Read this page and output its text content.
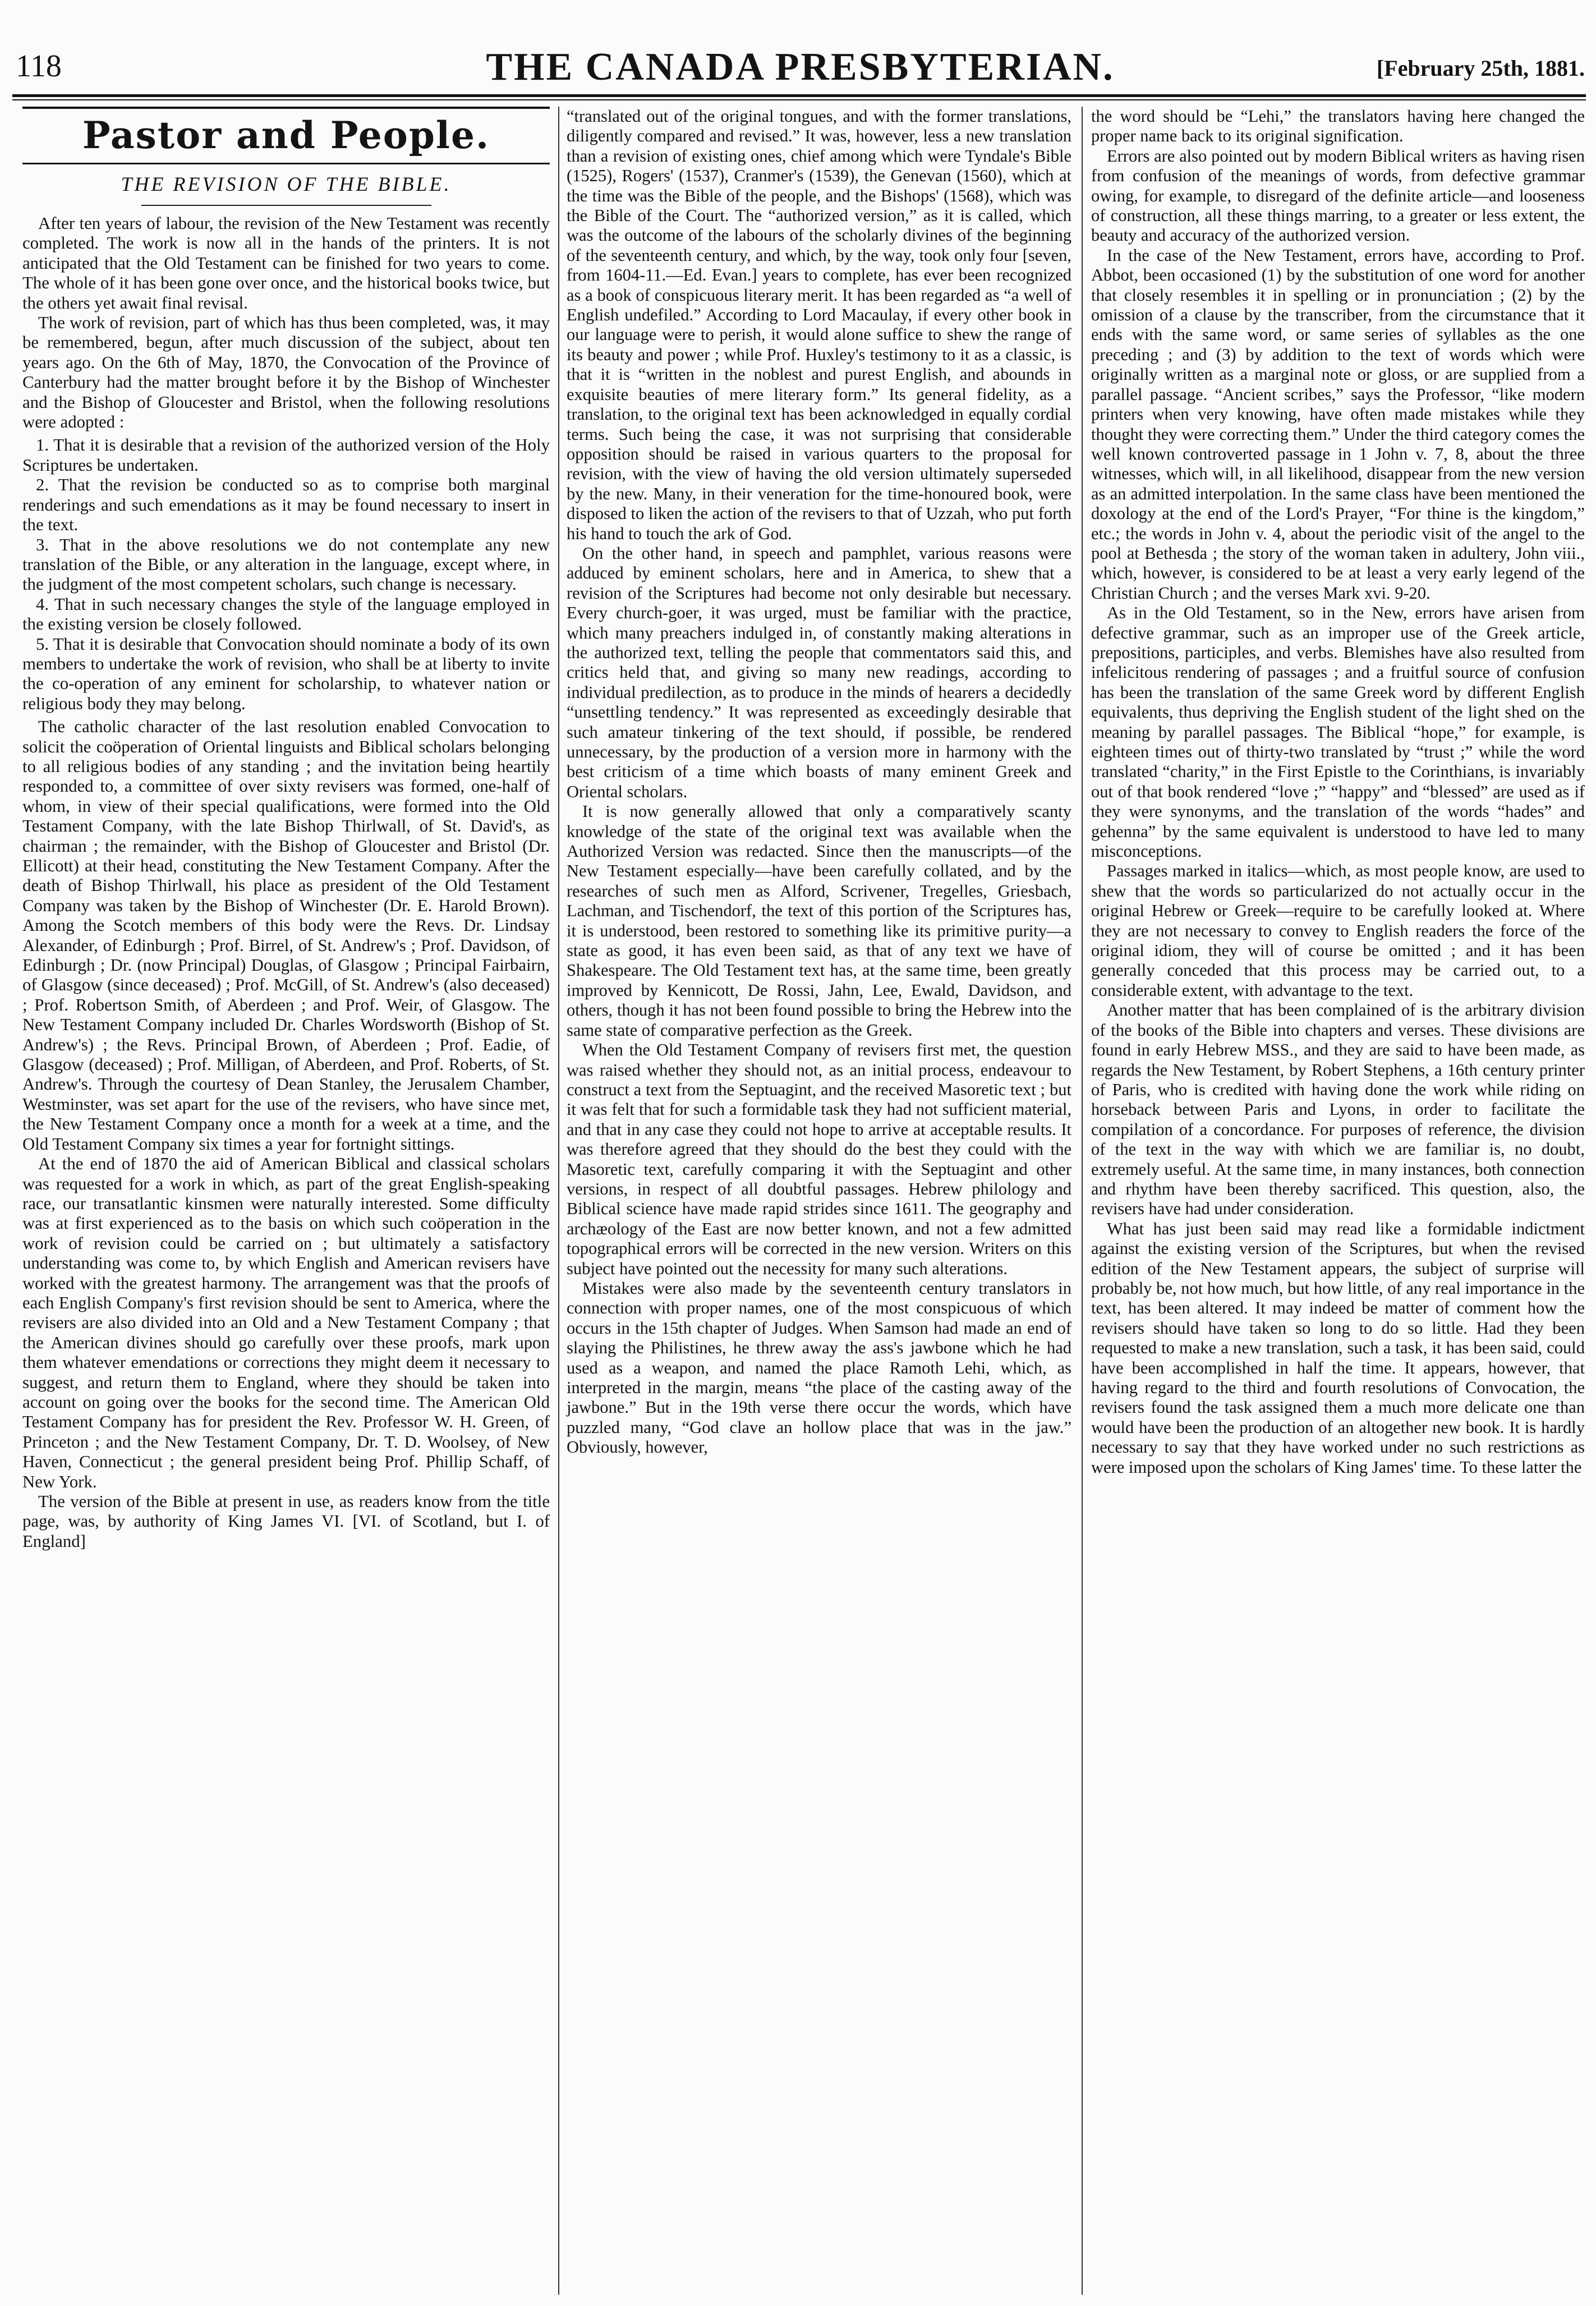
118	THE CANADA PRESBYTERIAN.	[February 25th, 1881.
Pastor and People.
THE REVISION OF THE BIBLE.

After ten years of labour, the revision of the New Testament was recently completed. The work is now all in the hands of the printers. It is not anticipated that the Old Testament can be finished for two years to come. The whole of it has been gone over once, and the historical books twice, but the others yet await final revisal.

The work of revision, part of which has thus been completed, was, it may be remembered, begun, after much discussion of the subject, about ten years ago. On the 6th of May, 1870, the Convocation of the Province of Canterbury had the matter brought before it by the Bishop of Winchester and the Bishop of Gloucester and Bristol, when the following resolutions were adopted :

1. That it is desirable that a revision of the authorized version of the Holy Scriptures be undertaken.

2. That the revision be conducted so as to comprise both marginal renderings and such emendations as it may be found necessary to insert in the text.

3. That in the above resolutions we do not contemplate any new translation of the Bible, or any alteration in the language, except where, in the judgment of the most competent scholars, such change is necessary.

4. That in such necessary changes the style of the language employed in the existing version be closely followed.

5. That it is desirable that Convocation should nominate a body of its own members to undertake the work of revision, who shall be at liberty to invite the co-operation of any eminent for scholarship, to whatever nation or religious body they may belong.

The catholic character of the last resolution enabled Convocation to solicit the coöperation of Oriental linguists and Biblical scholars belonging to all religious bodies of any standing ; and the invitation being heartily responded to, a committee of over sixty revisers was formed, one-half of whom, in view of their special qualifications, were formed into the Old Testament Company, with the late Bishop Thirlwall, of St. David's, as chairman ; the remainder, with the Bishop of Gloucester and Bristol (Dr. Ellicott) at their head, constituting the New Testament Company. After the death of Bishop Thirlwall, his place as president of the Old Testament Company was taken by the Bishop of Winchester (Dr. E. Harold Brown). Among the Scotch members of this body were the Revs. Dr. Lindsay Alexander, of Edinburgh ; Prof. Birrel, of St. Andrew's ; Prof. Davidson, of Edinburgh ; Dr. (now Principal) Douglas, of Glasgow ; Principal Fairbairn, of Glasgow (since deceased) ; Prof. McGill, of St. Andrew's (also deceased) ; Prof. Robertson Smith, of Aberdeen ; and Prof. Weir, of Glasgow. The New Testament Company included Dr. Charles Wordsworth (Bishop of St. Andrew's) ; the Revs. Principal Brown, of Aberdeen ; Prof. Eadie, of Glasgow (deceased) ; Prof. Milligan, of Aberdeen, and Prof. Roberts, of St. Andrew's. Through the courtesy of Dean Stanley, the Jerusalem Chamber, Westminster, was set apart for the use of the revisers, who have since met, the New Testament Company once a month for a week at a time, and the Old Testament Company six times a year for fortnight sittings.

At the end of 1870 the aid of American Biblical and classical scholars was requested for a work in which, as part of the great English-speaking race, our transatlantic kinsmen were naturally interested. Some difficulty was at first experienced as to the basis on which such coöperation in the work of revision could be carried on ; but ultimately a satisfactory understanding was come to, by which English and American revisers have worked with the greatest harmony. The arrangement was that the proofs of each English Company's first revision should be sent to America, where the revisers are also divided into an Old and a New Testament Company ; that the American divines should go carefully over these proofs, mark upon them whatever emendations or corrections they might deem it necessary to suggest, and return them to England, where they should be taken into account on going over the books for the second time. The American Old Testament Company has for president the Rev. Professor W. H. Green, of Princeton ; and the New Testament Company, Dr. T. D. Woolsey, of New Haven, Connecticut ; the general president being Prof. Phillip Schaff, of New York.

The version of the Bible at present in use, as readers know from the title page, was, by authority of King James VI. [VI. of Scotland, but I. of England]

“translated out of the original tongues, and with the former translations, diligently compared and revised.” It was, however, less a new translation than a revision of existing ones, chief among which were Tyndale's Bible (1525), Rogers' (1537), Cranmer's (1539), the Genevan (1560), which at the time was the Bible of the people, and the Bishops' (1568), which was the Bible of the Court. The “authorized version,” as it is called, which was the outcome of the labours of the scholarly divines of the beginning of the seventeenth century, and which, by the way, took only four [seven, from 1604-11.—Ed. Evan.] years to complete, has ever been recognized as a book of conspicuous literary merit. It has been regarded as “a well of English undefiled.” According to Lord Macaulay, if every other book in our language were to perish, it would alone suffice to shew the range of its beauty and power ; while Prof. Huxley's testimony to it as a classic, is that it is “written in the noblest and purest English, and abounds in exquisite beauties of mere literary form.” Its general fidelity, as a translation, to the original text has been acknowledged in equally cordial terms. Such being the case, it was not surprising that considerable opposition should be raised in various quarters to the proposal for revision, with the view of having the old version ultimately superseded by the new. Many, in their veneration for the time-honoured book, were disposed to liken the action of the revisers to that of Uzzah, who put forth his hand to touch the ark of God.

On the other hand, in speech and pamphlet, various reasons were adduced by eminent scholars, here and in America, to shew that a revision of the Scriptures had become not only desirable but necessary. Every church-goer, it was urged, must be familiar with the practice, which many preachers indulged in, of constantly making alterations in the authorized text, telling the people that commentators said this, and critics held that, and giving so many new readings, according to individual predilection, as to produce in the minds of hearers a decidedly “unsettling tendency.” It was represented as exceedingly desirable that such amateur tinkering of the text should, if possible, be rendered unnecessary, by the production of a version more in harmony with the best criticism of a time which boasts of many eminent Greek and Oriental scholars.

It is now generally allowed that only a comparatively scanty knowledge of the state of the original text was available when the Authorized Version was redacted. Since then the manuscripts—of the New Testament especially—have been carefully collated, and by the researches of such men as Alford, Scrivener, Tregelles, Griesbach, Lachman, and Tischendorf, the text of this portion of the Scriptures has, it is understood, been restored to something like its primitive purity—a state as good, it has even been said, as that of any text we have of Shakespeare. The Old Testament text has, at the same time, been greatly improved by Kennicott, De Rossi, Jahn, Lee, Ewald, Davidson, and others, though it has not been found possible to bring the Hebrew into the same state of comparative perfection as the Greek.

When the Old Testament Company of revisers first met, the question was raised whether they should not, as an initial process, endeavour to construct a text from the Septuagint, and the received Masoretic text ; but it was felt that for such a formidable task they had not sufficient material, and that in any case they could not hope to arrive at acceptable results. It was therefore agreed that they should do the best they could with the Masoretic text, carefully comparing it with the Septuagint and other versions, in respect of all doubtful passages. Hebrew philology and Biblical science have made rapid strides since 1611. The geography and archæology of the East are now better known, and not a few admitted topographical errors will be corrected in the new version. Writers on this subject have pointed out the necessity for many such alterations.

Mistakes were also made by the seventeenth century translators in connection with proper names, one of the most conspicuous of which occurs in the 15th chapter of Judges. When Samson had made an end of slaying the Philistines, he threw away the ass's jawbone which he had used as a weapon, and named the place Ramoth Lehi, which, as interpreted in the margin, means “the place of the casting away of the jawbone.” But in the 19th verse there occur the words, which have puzzled many, “God clave an hollow place that was in the jaw.” Obviously, however,

the word should be “Lehi,” the translators having here changed the proper name back to its original signification.

Errors are also pointed out by modern Biblical writers as having risen from confusion of the meanings of words, from defective grammar owing, for example, to disregard of the definite article—and looseness of construction, all these things marring, to a greater or less extent, the beauty and accuracy of the authorized version.

In the case of the New Testament, errors have, according to Prof. Abbot, been occasioned (1) by the substitution of one word for another that closely resembles it in spelling or in pronunciation ; (2) by the omission of a clause by the transcriber, from the circumstance that it ends with the same word, or same series of syllables as the one preceding ; and (3) by addition to the text of words which were originally written as a marginal note or gloss, or are supplied from a parallel passage. “Ancient scribes,” says the Professor, “like modern printers when very knowing, have often made mistakes while they thought they were correcting them.” Under the third category comes the well known controverted passage in 1 John v. 7, 8, about the three witnesses, which will, in all likelihood, disappear from the new version as an admitted interpolation. In the same class have been mentioned the doxology at the end of the Lord's Prayer, “For thine is the kingdom,” etc.; the words in John v. 4, about the periodic visit of the angel to the pool at Bethesda ; the story of the woman taken in adultery, John viii., which, however, is considered to be at least a very early legend of the Christian Church ; and the verses Mark xvi. 9-20.

As in the Old Testament, so in the New, errors have arisen from defective grammar, such as an improper use of the Greek article, prepositions, participles, and verbs. Blemishes have also resulted from infelicitous rendering of passages ; and a fruitful source of confusion has been the translation of the same Greek word by different English equivalents, thus depriving the English student of the light shed on the meaning by parallel passages. The Biblical “hope,” for example, is eighteen times out of thirty-two translated by “trust ;” while the word translated “charity,” in the First Epistle to the Corinthians, is invariably out of that book rendered “love ;” “happy” and “blessed” are used as if they were synonyms, and the translation of the words “hades” and gehenna” by the same equivalent is understood to have led to many misconceptions.

Passages marked in italics—which, as most people know, are used to shew that the words so particularized do not actually occur in the original Hebrew or Greek—require to be carefully looked at. Where they are not necessary to convey to English readers the force of the original idiom, they will of course be omitted ; and it has been generally conceded that this process may be carried out, to a considerable extent, with advantage to the text.

Another matter that has been complained of is the arbitrary division of the books of the Bible into chapters and verses. These divisions are found in early Hebrew MSS., and they are said to have been made, as regards the New Testament, by Robert Stephens, a 16th century printer of Paris, who is credited with having done the work while riding on horseback between Paris and Lyons, in order to facilitate the compilation of a concordance. For purposes of reference, the division of the text in the way with which we are familiar is, no doubt, extremely useful. At the same time, in many instances, both connection and rhythm have been thereby sacrificed. This question, also, the revisers have had under consideration.

What has just been said may read like a formidable indictment against the existing version of the Scriptures, but when the revised edition of the New Testament appears, the subject of surprise will probably be, not how much, but how little, of any real importance in the text, has been altered. It may indeed be matter of comment how the revisers should have taken so long to do so little. Had they been requested to make a new translation, such a task, it has been said, could have been accomplished in half the time. It appears, however, that having regard to the third and fourth resolutions of Convocation, the revisers found the task assigned them a much more delicate one than would have been the production of an altogether new book. It is hardly necessary to say that they have worked under no such restrictions as were imposed upon the scholars of King James' time. To these latter the
